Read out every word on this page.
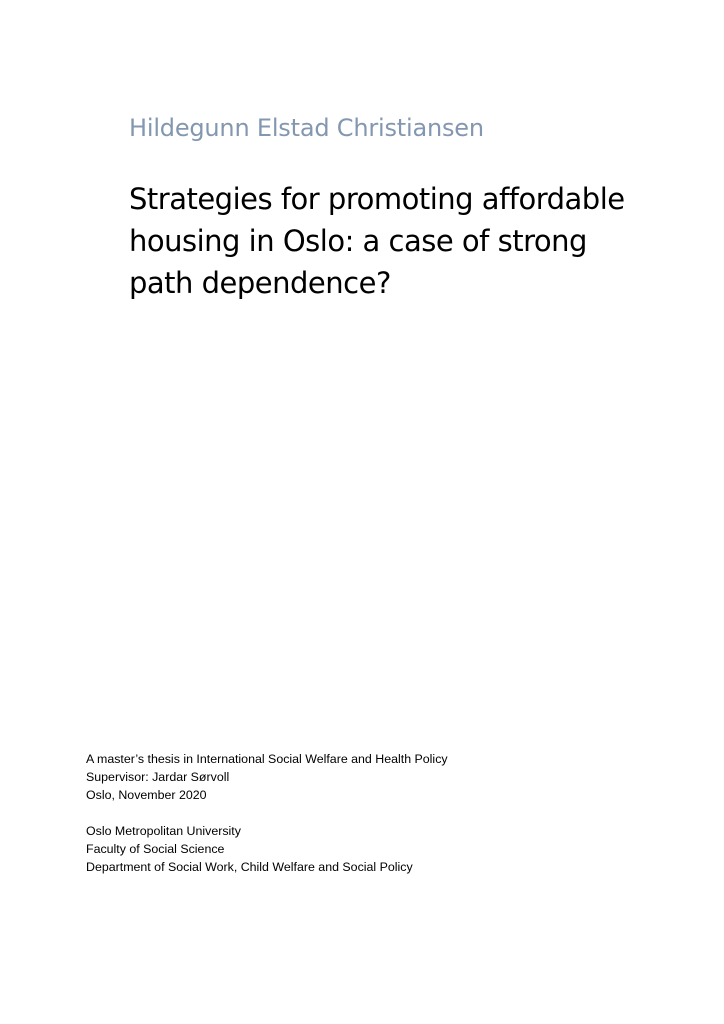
Hildegunn Elstad Christiansen
Strategies for promoting affordable
housing in Oslo: a case of strong
path dependence?
A master’s thesis in International Social Welfare and Health Policy
Supervisor: Jardar Sørvoll
Oslo, November 2020
Oslo Metropolitan University
Faculty of Social Science
Department of Social Work, Child Welfare and Social Policy
